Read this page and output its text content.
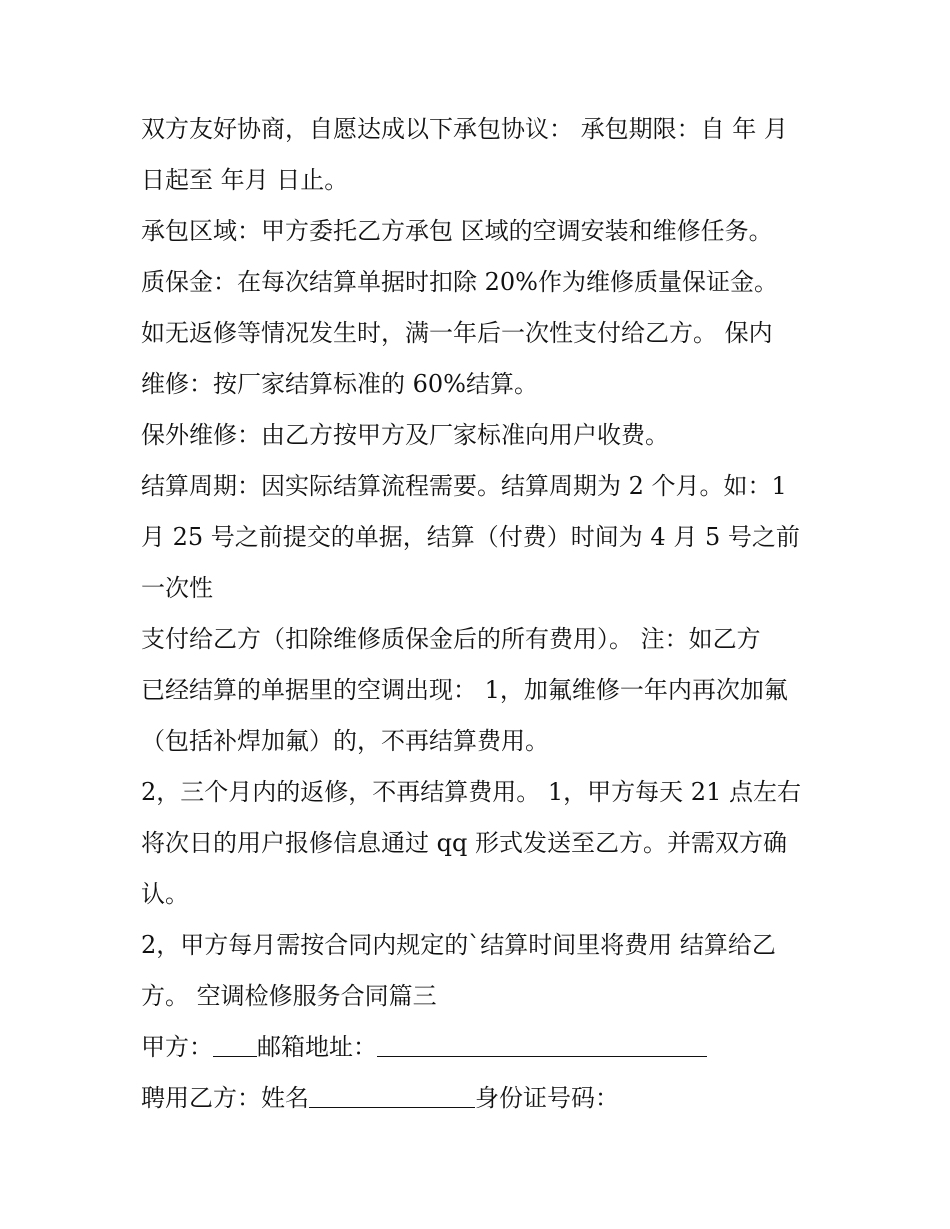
双方友好协商，自愿达成以下承包协议： 承包期限：自 年 月
日起至 年月 日止。
承包区域：甲方委托乙方承包 区域的空调安装和维修任务。
质保金：在每次结算单据时扣除 20%作为维修质量保证金。
如无返修等情况发生时，满一年后一次性支付给乙方。 保内
维修：按厂家结算标准的 60%结算。
保外维修：由乙方按甲方及厂家标准向用户收费。
结算周期：因实际结算流程需要。结算周期为 2 个月。如：1
月 25 号之前提交的单据，结算（付费）时间为 4 月 5 号之前
一次性
支付给乙方（扣除维修质保金后的所有费用）。 注：如乙方
已经结算的单据里的空调出现： 1，加氟维修一年内再次加氟
（包括补焊加氟）的，不再结算费用。
2，三个月内的返修，不再结算费用。 1，甲方每天 21 点左右
将次日的用户报修信息通过 qq 形式发送至乙方。并需双方确
认。
2，甲方每月需按合同内规定的`结算时间里将费用 结算给乙
方。 空调检修服务合同篇三
甲方： 邮箱地址：
聘用乙方：姓名	身份证号码：
